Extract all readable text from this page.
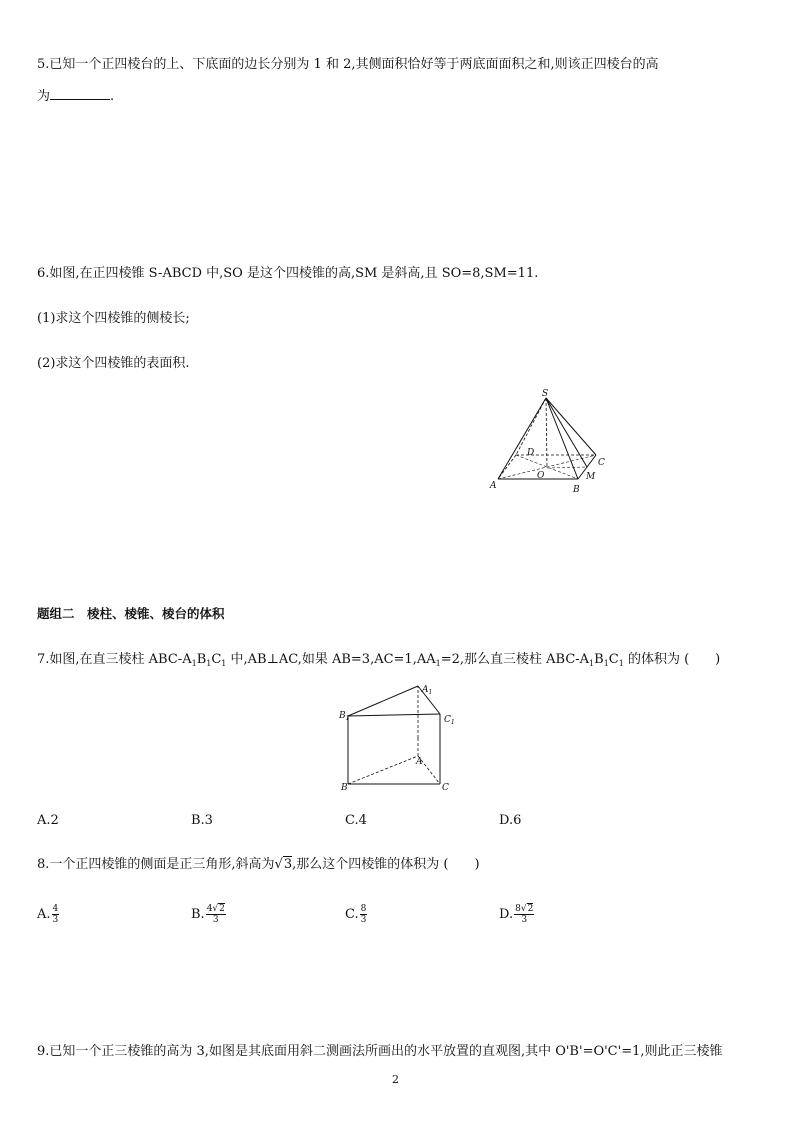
5.已知一个正四棱台的上、下底面的边长分别为 1 和 2,其侧面积恰好等于两底面面积之和,则该正四棱台的高
为	.
6.如图,在正四棱锥 S-ABCD 中,SO 是这个四棱锥的高,SM 是斜高,且 SO=8,SM=11.
(1)求这个四棱锥的侧棱长;
(2)求这个四棱锥的表面积.
S
D
C
O	M
A	B
题组二　棱柱、棱锥、棱台的体积
7.如图,在直三棱柱 ABC-$A_1B_1C_1$ 中,AB⊥AC,如果 $AB=3,AC=1,AA_1=2$,那么直三棱柱 ABC-$A_1B_1C_1$ 的体积为 (　　)
$A_1$
$B_1$	$C_1$
A
B	C
A.2	B.3	C.4	D.6
8.一个正四棱锥的侧面是正三角形,斜高为√3,那么这个四棱锥的体积为 (　　)
A. $\frac{4}{3}$	B. $\frac{4√2}{3}$	C. $\frac{8}{3}$	D. $\frac{8√2}{3}$
9.已知一个正三棱锥的高为 3,如图是其底面用斜二测画法所画出的水平放置的直观图,其中 O'B'=O'C'=1,则此正三棱锥
2
